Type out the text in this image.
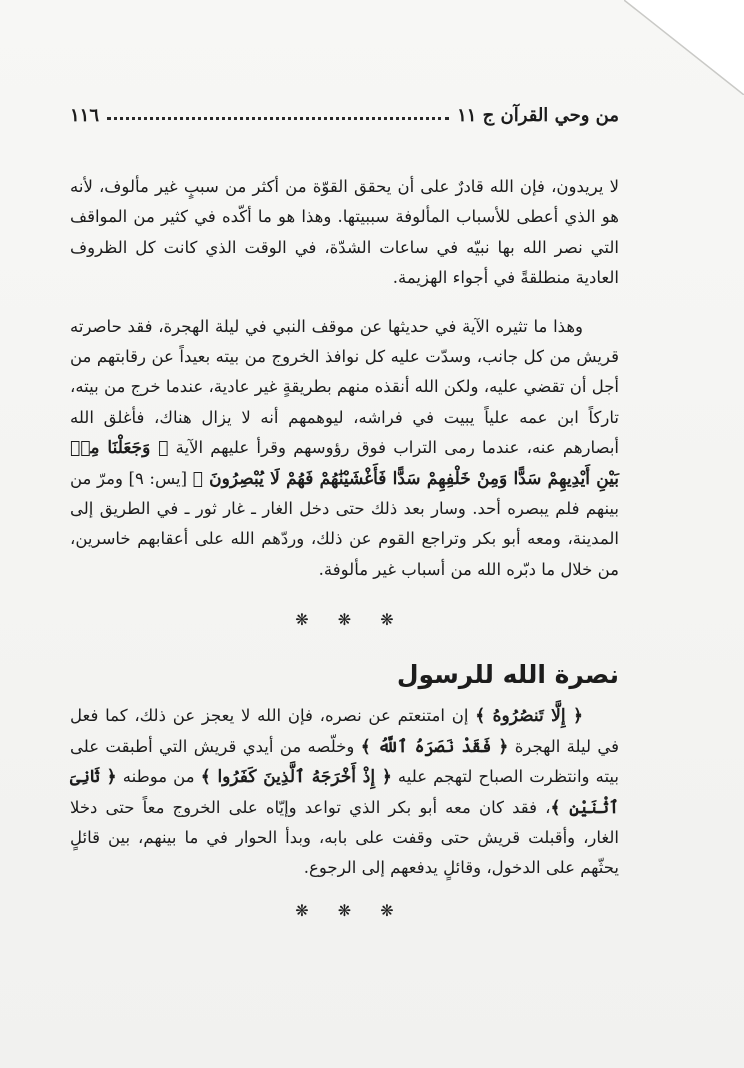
من وحي القرآن ج ١١
١١٦

لا يريدون، فإن الله قادرٌ على أن يحقق القوّة من أكثر من سببٍ غير مألوف، لأنه هو الذي أعطى للأسباب المألوفة سببيتها. وهذا هو ما أكّده في كثير من المواقف التي نصر الله بها نبيّه في ساعات الشدّة، في الوقت الذي كانت كل الظروف العادية منطلقةً في أجواء الهزيمة.

وهذا ما تثيره الآية في حديثها عن موقف النبي في ليلة الهجرة، فقد حاصرته قريش من كل جانب، وسدّت عليه كل نوافذ الخروج من بيته بعيداً عن رقابتهم من أجل أن تقضي عليه، ولكن الله أنقذه منهم بطريقةٍ غير عادية، عندما خرج من بيته، تاركاً ابن عمه علياً يبيت في فراشه، ليوهمهم أنه لا يزال هناك، فأغلق الله أبصارهم عنه، عندما رمى التراب فوق رؤوسهم وقرأ عليهم الآية ﴿ وَجَعَلْنَا مِنۢ بَيْنِ أَيْدِيهِمْ سَدًّا وَمِنْ خَلْفِهِمْ سَدًّا فَأَغْشَيْنَٰهُمْ فَهُمْ لَا يُبْصِرُونَ ﴾ [يس: ٩] ومرّ من بينهم فلم يبصره أحد. وسار بعد ذلك حتى دخل الغار ـ غار ثور ـ في الطريق إلى المدينة، ومعه أبو بكر وتراجع القوم عن ذلك، وردّهم الله على أعقابهم خاسرين، من خلال ما دبّره الله من أسباب غير مألوفة.

❋ ❋ ❋

نصرة الله للرسول

﴿ إِلَّا تَنصُرُوهُ ﴾ إن امتنعتم عن نصره، فإن الله لا يعجز عن ذلك، كما فعل في ليلة الهجرة ﴿ فَقَدْ نَصَرَهُ ٱللَّهُ ﴾ وخلّصه من أيدي قريش التي أطبقت على بيته وانتظرت الصباح لتهجم عليه ﴿ إِذْ أَخْرَجَهُ ٱلَّذِينَ كَفَرُوا ﴾ من موطنه ﴿ ثَانِىَ ٱثْنَيْنِ ﴾، فقد كان معه أبو بكر الذي تواعد وإيّاه على الخروج معاً حتى دخلا الغار، وأقبلت قريش حتى وقفت على بابه، وبدأ الحوار في ما بينهم، بين قائلٍ يحثّهم على الدخول، وقائلٍ يدفعهم إلى الرجوع.

❋ ❋ ❋
